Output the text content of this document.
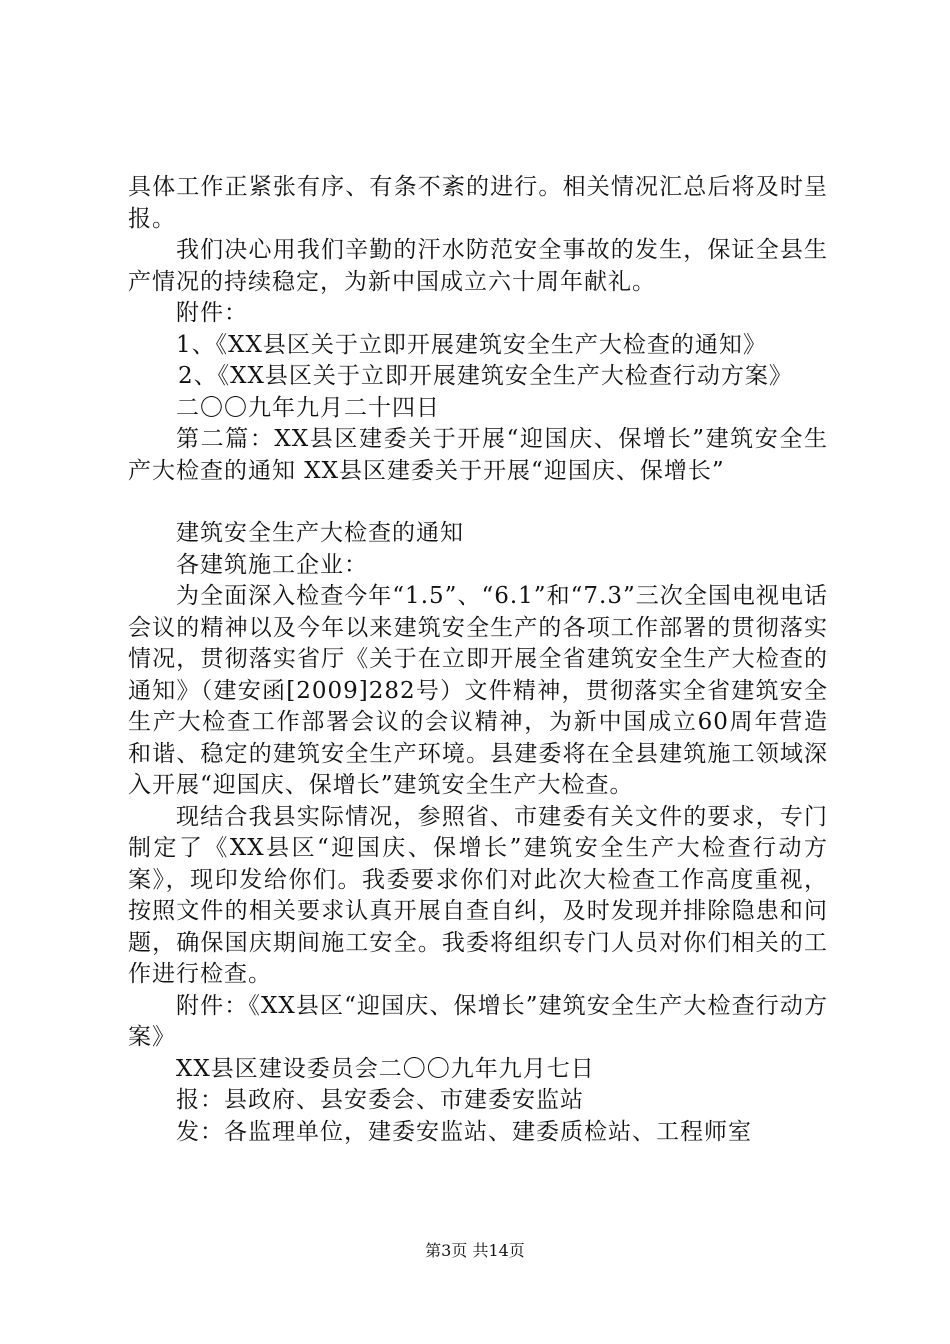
具体工作正紧张有序、有条不紊的进行。相关情况汇总后将及时呈报。

我们决心用我们辛勤的汗水防范安全事故的发生，保证全县生产情况的持续稳定，为新中国成立六十周年献礼。

附件：

1、《XX县区关于立即开展建筑安全生产大检查的通知》

2、《XX县区关于立即开展建筑安全生产大检查行动方案》

二〇〇九年九月二十四日

第二篇：XX县区建委关于开展“迎国庆、保增长”建筑安全生产大检查的通知 XX县区建委关于开展“迎国庆、保增长”

建筑安全生产大检查的通知

各建筑施工企业：

为全面深入检查今年“1.5”、“6.1”和“7.3”三次全国电视电话会议的精神以及今年以来建筑安全生产的各项工作部署的贯彻落实情况，贯彻落实省厅《关于在立即开展全省建筑安全生产大检查的通知》（建安函[2009]282号）文件精神，贯彻落实全省建筑安全生产大检查工作部署会议的会议精神，为新中国成立60周年营造和谐、稳定的建筑安全生产环境。县建委将在全县建筑施工领域深入开展“迎国庆、保增长”建筑安全生产大检查。

现结合我县实际情况，参照省、市建委有关文件的要求，专门制定了《XX县区“迎国庆、保增长”建筑安全生产大检查行动方案》，现印发给你们。我委要求你们对此次大检查工作高度重视，按照文件的相关要求认真开展自查自纠，及时发现并排除隐患和问题，确保国庆期间施工安全。我委将组织专门人员对你们相关的工作进行检查。

附件：《XX县区“迎国庆、保增长”建筑安全生产大检查行动方案》

XX县区建设委员会二〇〇九年九月七日

报：县政府、县安委会、市建委安监站

发：各监理单位，建委安监站、建委质检站、工程师室

第3页 共14页
